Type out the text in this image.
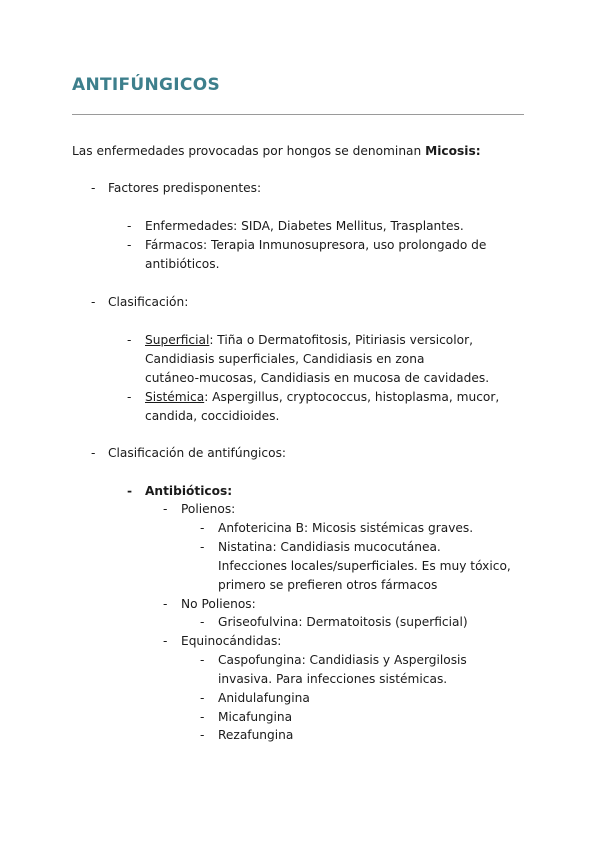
ANTIFÚNGICOS
Las enfermedades provocadas por hongos se denominan Micosis:
- Factores predisponentes:
- Enfermedades: SIDA, Diabetes Mellitus, Trasplantes.
- Fármacos: Terapia Inmunosupresora, uso prolongado de
antibióticos.
- Clasificación:
- Superficial: Tiña o Dermatofitosis, Pitiriasis versicolor,
Candidiasis superficiales, Candidiasis en zona
cutáneo-mucosas, Candidiasis en mucosa de cavidades.
- Sistémica: Aspergillus, cryptococcus, histoplasma, mucor,
candida, coccidioides.
- Clasificación de antifúngicos:
- Antibióticos:
- Polienos:
- Anfotericina B: Micosis sistémicas graves.
- Nistatina: Candidiasis mucocutánea.
Infecciones locales/superficiales. Es muy tóxico,
primero se prefieren otros fármacos
- No Polienos:
- Griseofulvina: Dermatoitosis (superficial)
- Equinocándidas:
- Caspofungina: Candidiasis y Aspergilosis
invasiva. Para infecciones sistémicas.
- Anidulafungina
- Micafungina
- Rezafungina
